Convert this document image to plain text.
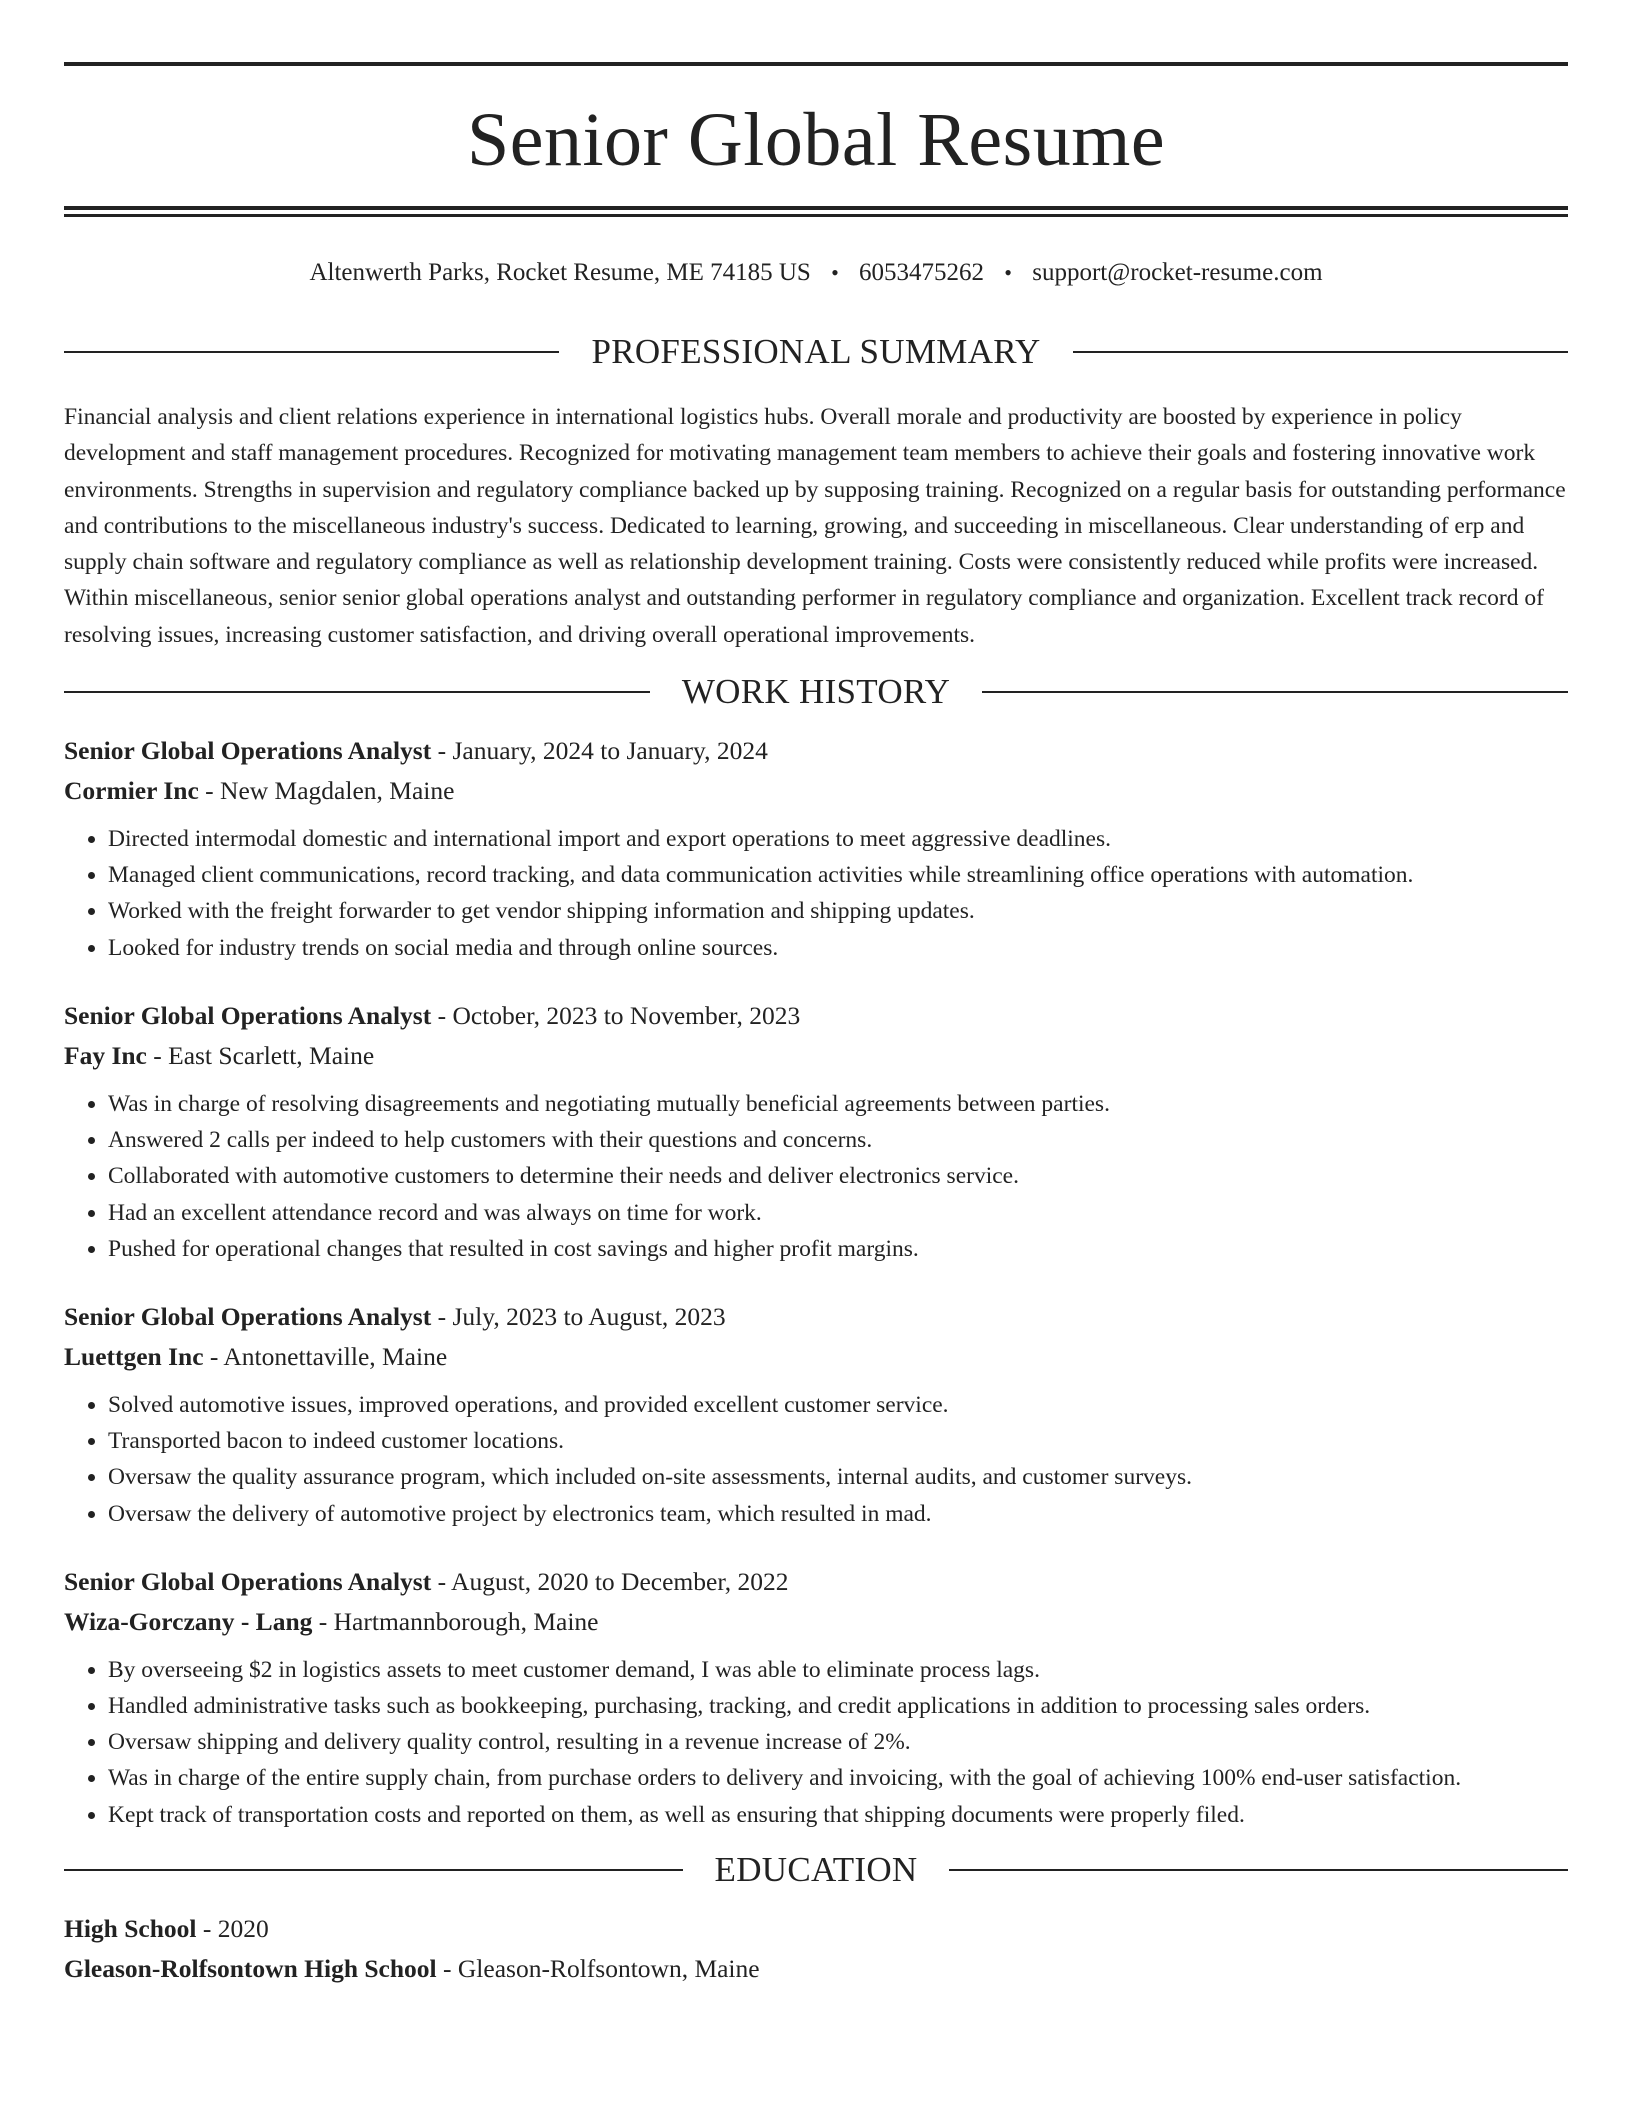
Senior Global Resume
Altenwerth Parks, Rocket Resume, ME 74185 US • 6053475262 • support@rocket-resume.com
PROFESSIONAL SUMMARY

Financial analysis and client relations experience in international logistics hubs. Overall morale and productivity are boosted by experience in policy development and staff management procedures. Recognized for motivating management team members to achieve their goals and fostering innovative work environments. Strengths in supervision and regulatory compliance backed up by supposing training. Recognized on a regular basis for outstanding performance and contributions to the miscellaneous industry's success. Dedicated to learning, growing, and succeeding in miscellaneous. Clear understanding of erp and supply chain software and regulatory compliance as well as relationship development training. Costs were consistently reduced while profits were increased. Within miscellaneous, senior senior global operations analyst and outstanding performer in regulatory compliance and organization. Excellent track record of resolving issues, increasing customer satisfaction, and driving overall operational improvements.

WORK HISTORY
Senior Global Operations Analyst - January, 2024 to January, 2024
Cormier Inc - New Magdalen, Maine
• Directed intermodal domestic and international import and export operations to meet aggressive deadlines.
• Managed client communications, record tracking, and data communication activities while streamlining office operations with automation.
• Worked with the freight forwarder to get vendor shipping information and shipping updates.
• Looked for industry trends on social media and through online sources.
Senior Global Operations Analyst - October, 2023 to November, 2023
Fay Inc - East Scarlett, Maine
• Was in charge of resolving disagreements and negotiating mutually beneficial agreements between parties.
• Answered 2 calls per indeed to help customers with their questions and concerns.
• Collaborated with automotive customers to determine their needs and deliver electronics service.
• Had an excellent attendance record and was always on time for work.
• Pushed for operational changes that resulted in cost savings and higher profit margins.
Senior Global Operations Analyst - July, 2023 to August, 2023
Luettgen Inc - Antonettaville, Maine
• Solved automotive issues, improved operations, and provided excellent customer service.
• Transported bacon to indeed customer locations.
• Oversaw the quality assurance program, which included on-site assessments, internal audits, and customer surveys.
• Oversaw the delivery of automotive project by electronics team, which resulted in mad.
Senior Global Operations Analyst - August, 2020 to December, 2022
Wiza-Gorczany - Lang - Hartmannborough, Maine
• By overseeing $2 in logistics assets to meet customer demand, I was able to eliminate process lags.
• Handled administrative tasks such as bookkeeping, purchasing, tracking, and credit applications in addition to processing sales orders.
• Oversaw shipping and delivery quality control, resulting in a revenue increase of 2%.
• Was in charge of the entire supply chain, from purchase orders to delivery and invoicing, with the goal of achieving 100% end-user satisfaction.
• Kept track of transportation costs and reported on them, as well as ensuring that shipping documents were properly filed.
EDUCATION
High School - 2020
Gleason-Rolfsontown High School - Gleason-Rolfsontown, Maine
